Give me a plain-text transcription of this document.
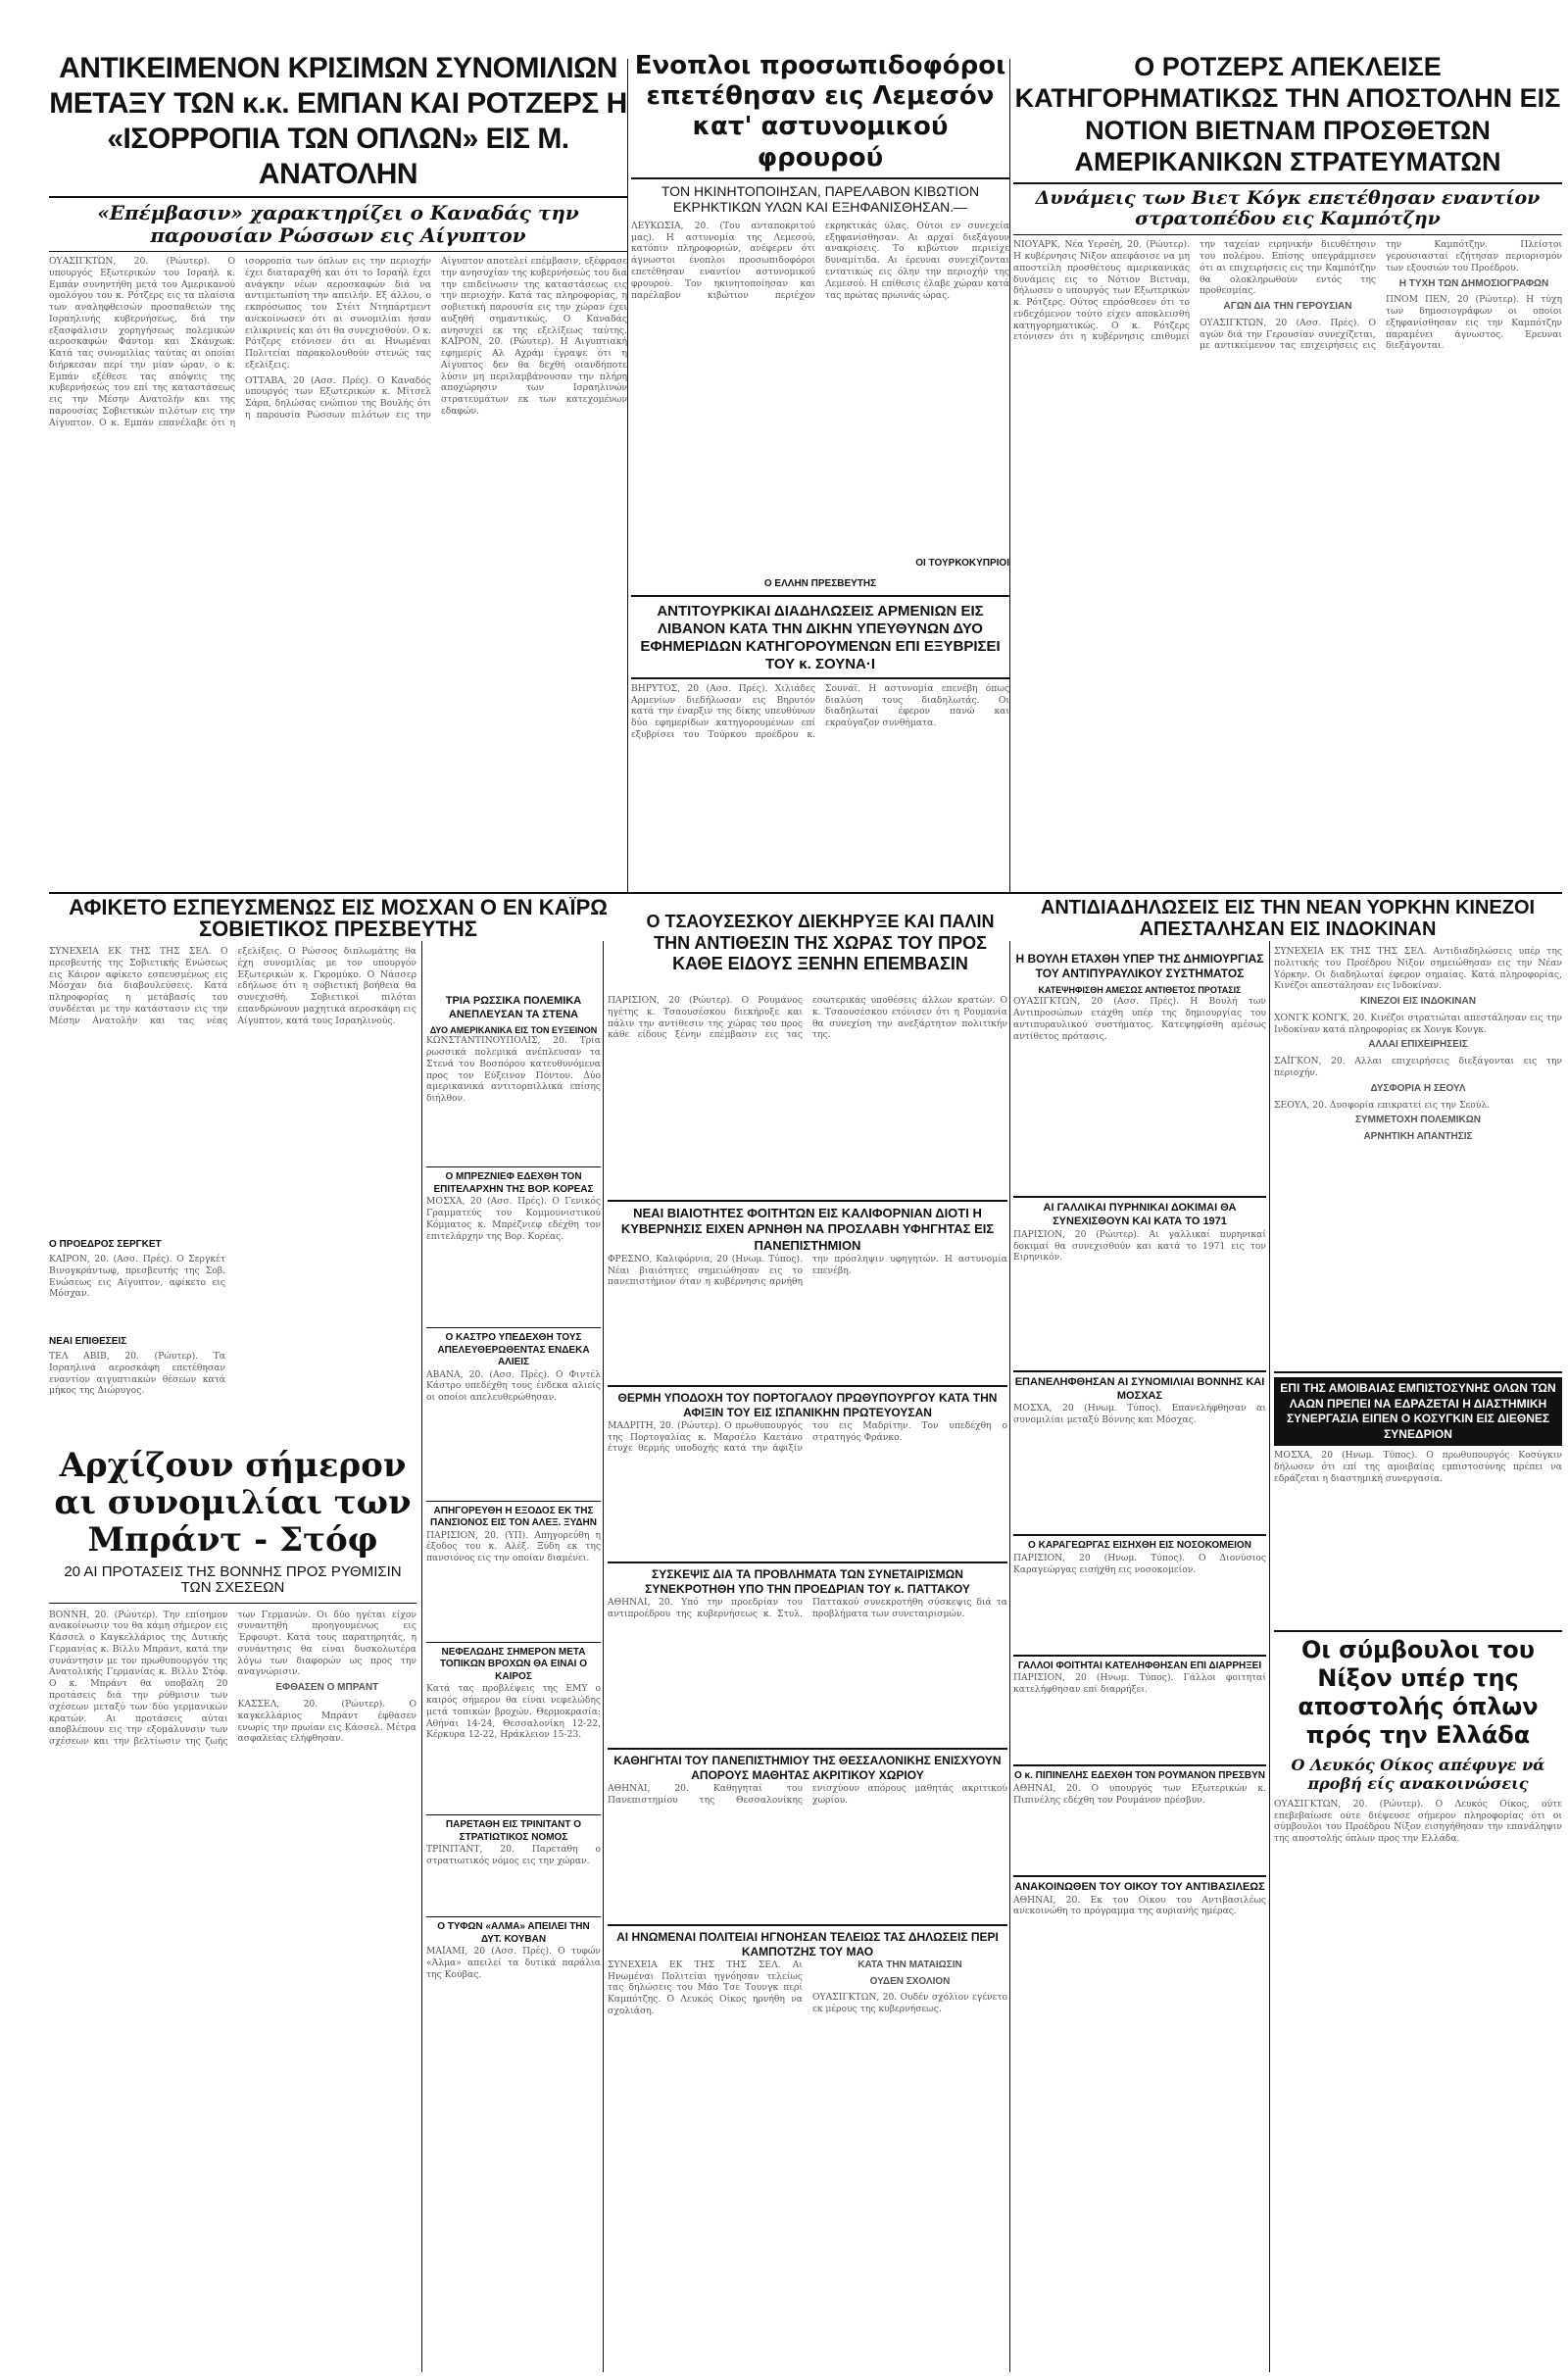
ΑΝΤΙΚΕΙΜΕΝΟΝ ΚΡΙΣΙΜΩΝ ΣΥΝΟΜΙΛΙΩΝ ΜΕΤΑΞΥ ΤΩΝ κ.κ. ΕΜΠΑΝ ΚΑΙ ΡΟΤΖΕΡΣ Η «ΙΣΟΡΡΟΠΙΑ ΤΩΝ ΟΠΛΩΝ» ΕΙΣ Μ. ΑΝΑΤΟΛΗΝ
«Επέμβασιν» χαρακτηρίζει ο Καναδάς την παρουσίαν Ρώσσων εις Αίγυπτον

ΟΥΑΣΙΓΚΤΩΝ, 20. (Ρώυτερ). Ο υπουργός Εξωτερικών του Ισραήλ κ. Εμπάν συνηντήθη μετά του Αμερικανού ομολόγου του κ. Ρότζερς εις τα πλαίσια των αναληφθεισών προσπαθειών της Ισραηλινής κυβερνήσεως, διά την εξασφάλισιν χορηγήσεως πολεμικών αεροσκαφών Φάντομ και Σκάυχωκ. Κατά τας συνομιλίας ταύτας αι οποίαι διήρκεσαν περί την μίαν ώραν, ο κ. Εμπάν εξέθεσε τας απόψεις της κυβερνήσεώς του επί της καταστάσεως εις την Μέσην Ανατολήν και της παρουσίας Σοβιετικών πιλότων εις την Αίγυπτον. Ο κ. Εμπάν επανέλαβε ότι η ισορροπία των όπλων εις την περιοχήν έχει διαταραχθή και ότι το Ισραήλ έχει ανάγκην νέων αεροσκαφών διά να αντιμετωπίση την απειλήν. Εξ άλλου, ο εκπρόσωπος του Στέιτ Ντηπάρτμεντ ανεκοίνωσεν ότι αι συνομιλίαι ήσαν ειλικρινείς και ότι θα συνεχισθούν. Ο κ. Ρότζερς ετόνισεν ότι αι Ηνωμέναι Πολιτείαι παρακολουθούν στενώς τας εξελίξεις.

ΟΤΤΑΒΑ, 20 (Ασσ. Πρές). Ο Καναδός υπουργός των Εξωτερικών κ. Μίτσελ Σάρπ, δηλώσας ενώπιον της Βουλής ότι η παρουσία Ρώσσων πιλότων εις την Αίγυπτον αποτελεί επέμβασιν, εξέφρασε την ανησυχίαν της κυβερνήσεώς του διά την επιδείνωσιν της καταστάσεως εις την περιοχήν. Κατά τας πληροφορίας, η σοβιετική παρουσία εις την χώραν έχει αυξηθή σημαντικώς. Ο Καναδάς ανησυχεί εκ της εξελίξεως ταύτης. ΚΑΪΡΟΝ, 20. (Ρώυτερ). Η Αιγυπτιακή εφημερίς Αλ Αχράμ έγραψε ότι η Αίγυπτος δεν θα δεχθή οιανδήποτε λύσιν μη περιλαμβάνουσαν την πλήρη αποχώρησιν των Ισραηλινών στρατευμάτων εκ των κατεχομένων εδαφών.

Ενοπλοι προσωπιδοφόροι επετέθησαν εις Λεμεσόν κατ' αστυνομικού φρουρού
ΤΟΝ ΗΚΙΝΗΤΟΠΟΙΗΣΑΝ, ΠΑΡΕΛΑΒΟΝ ΚΙΒΩΤΙΟΝ ΕΚΡΗΚΤΙΚΩΝ ΥΛΩΝ ΚΑΙ ΕΞΗΦΑΝΙΣΘΗΣΑΝ.—

ΛΕΥΚΩΣΙΑ, 20. (Του ανταποκριτού μας). Η αστυνομία της Λεμεσού, κατόπιν πληροφοριών, ανέφερεν ότι άγνωστοι ένοπλοι προσωπιδοφόροι επετέθησαν εναντίον αστυνομικού φρουρού. Τον ηκινητοποίησαν και παρέλαβον κιβώτιον περιέχον εκρηκτικάς ύλας. Ούτοι εν συνεχεία εξηφανίσθησαν. Αι αρχαί διεξάγουν ανακρίσεις. Το κιβώτιον περιείχε δυναμίτιδα. Αι έρευναι συνεχίζονται εντατικώς εις όλην την περιοχήν της Λεμεσού. Η επίθεσις έλαβε χώραν κατά τας πρώτας πρωινάς ώρας.

ΟΙ ΤΟΥΡΚΟΚΥΠΡΙΟΙ
Ο ΕΛΛΗΝ ΠΡΕΣΒΕΥΤΗΣ
ΑΝΤΙΤΟΥΡΚΙΚΑΙ ΔΙΑΔΗΛΩΣΕΙΣ ΑΡΜΕΝΙΩΝ ΕΙΣ ΛΙΒΑΝΟΝ ΚΑΤΑ ΤΗΝ ΔΙΚΗΝ ΥΠΕΥΘΥΝΩΝ ΔΥΟ ΕΦΗΜΕΡΙΔΩΝ ΚΑΤΗΓΟΡΟΥΜΕΝΩΝ ΕΠΙ ΕΞΥΒΡΙΣΕΙ ΤΟΥ κ. ΣΟΥΝΑ·Ι

ΒΗΡΥΤΟΣ, 20 (Ασσ. Πρές). Χιλιάδες Αρμενίων διεδήλωσαν εις Βηρυτόν κατά την έναρξιν της δίκης υπευθύνων δύο εφημερίδων κατηγορουμένων επί εξυβρίσει του Τούρκου προέδρου κ. Σουνάϊ. Η αστυνομία επενέβη όπως διαλύση τους διαδηλωτάς. Οι διαδηλωταί έφερον πανώ και εκραύγαζον συνθήματα.

Ο ΡΟΤΖΕΡΣ ΑΠΕΚΛΕΙΣΕ ΚΑΤΗΓΟΡΗΜΑΤΙΚΩΣ ΤΗΝ ΑΠΟΣΤΟΛΗΝ ΕΙΣ ΝΟΤΙΟΝ ΒΙΕΤΝΑΜ ΠΡΟΣΘΕΤΩΝ ΑΜΕΡΙΚΑΝΙΚΩΝ ΣΤΡΑΤΕΥΜΑΤΩΝ
Δυνάμεις των Βιετ Κόγκ επετέθησαν εναντίον στρατοπέδου εις Καμπότζην

ΝΙΟΥΑΡΚ, Νέα Υερσέη, 20. (Ρώυτερ). Η κυβέρνησις Νίξον απεφάσισε να μη αποστείλη προσθέτους αμερικανικάς δυνάμεις εις το Νότιον Βιετνάμ, δήλωσεν ο υπουργός των Εξωτερικών κ. Ρότζερς. Ούτος επρόσθεσεν ότι το ενδεχόμενον τούτο είχεν αποκλεισθή κατηγορηματικώς. Ο κ. Ρότζερς ετόνισεν ότι η κυβέρνησις επιθυμεί την ταχείαν ειρηνικήν διευθέτησιν του πολέμου. Επίσης υπεγράμμισεν ότι αι επιχειρήσεις εις την Καμπότζην θα ολοκληρωθούν εντός της προθεσμίας.

ΑΓΩΝ ΔΙΑ ΤΗΝ ΓΕΡΟΥΣΙΑΝ

ΟΥΑΣΙΓΚΤΩΝ, 20 (Ασσ. Πρές). Ο αγών διά την Γερουσίαν συνεχίζεται, με αντικείμενον τας επιχειρήσεις εις την Καμπότζην. Πλείστοι γερουσιασταί εζήτησαν περιορισμόν των εξουσιών του Προέδρου.

Η ΤΥΧΗ ΤΩΝ ΔΗΜΟΣΙΟΓΡΑΦΩΝ

ΠΝΟΜ ΠΕΝ, 20 (Ρώυτερ). Η τύχη των δημοσιογράφων οι οποίοι εξηφανίσθησαν εις την Καμπότζην παραμένει άγνωστος. Ερευναι διεξάγονται.

ΑΦΙΚΕΤΟ ΕΣΠΕΥΣΜΕΝΩΣ ΕΙΣ ΜΟΣΧΑΝ Ο ΕΝ ΚΑΪΡΩ ΣΟΒΙΕΤΙΚΟΣ ΠΡΕΣΒΕΥΤΗΣ
ΑΝΤΙΔΙΑΔΗΛΩΣΕΙΣ ΕΙΣ ΤΗΝ ΝΕΑΝ ΥΟΡΚΗΝ ΚΙΝΕΖΟΙ ΑΠΕΣΤΑΛΗΣΑΝ ΕΙΣ ΙΝΔΟΚΙΝΑΝ
Ο ΤΣΑΟΥΣΕΣΚΟΥ ΔΙΕΚΗΡΥΞΕ ΚΑΙ ΠΑΛΙΝ ΤΗΝ ΑΝΤΙΘΕΣΙΝ ΤΗΣ ΧΩΡΑΣ ΤΟΥ ΠΡΟΣ ΚΑΘΕ ΕΙΔΟΥΣ ΞΕΝΗΝ ΕΠΕΜΒΑΣΙΝ

ΣΥΝΕΧΕΙΑ ΕΚ ΤΗΣ ΤΗΣ ΣΕΛ. Ο πρεσβευτής της Σοβιετικής Ενώσεως εις Κάιρον αφίκετο εσπευσμένως εις Μόσχαν διά διαβουλεύσεις. Κατά πληροφορίας η μετάβασίς του συνδέεται με την κατάστασιν εις την Μέσην Ανατολήν και τας νέας εξελίξεις. Ο Ρώσσος διπλωμάτης θα έχη συνομιλίας με τον υπουργόν Εξωτερικών κ. Γκρομύκο. Ο Νάσσερ εδήλωσε ότι η σοβιετική βοήθεια θα συνεχισθή. Σοβιετικοί πιλόται επανδρώνουν μαχητικά αεροσκάφη εις Αίγυπτον, κατά τους Ισραηλινούς.

Ο ΠΡΟΕΔΡΟΣ ΣΕΡΓΚΕΤ

ΚΑΪΡΟΝ, 20. (Ασσ. Πρές). Ο Σεργκέτ Βινογκράντωφ, πρεσβευτής της Σοβ. Ενώσεως εις Αίγυπτον, αφίκετο εις Μόσχαν.

ΝΕΑΙ ΕΠΙΘΕΣΕΙΣ

ΤΕΛ ΑΒΙΒ, 20. (Ρώυτερ). Τα Ισραηλινά αεροσκάφη επετέθησαν εναντίον αιγυπτιακών θέσεων κατά μήκος της Διώρυγος.

Αρχίζουν σήμερον αι συνομιλίαι των Μπράντ - Στόφ
20 ΑΙ ΠΡΟΤΑΣΕΙΣ ΤΗΣ ΒΟΝΝΗΣ ΠΡΟΣ ΡΥΘΜΙΣΙΝ ΤΩΝ ΣΧΕΣΕΩΝ

ΒΟΝΝΗ, 20. (Ρώυτερ). Την επίσημον ανακοίνωσιν του θα κάμη σήμερον εις Κάσσελ ο Καγκελλάριος της Δυτικής Γερμανίας κ. Βίλλυ Μπράντ, κατά την συνάντησιν με τον πρωθυπουργόν της Ανατολικής Γερμανίας κ. Βίλλυ Στόφ. Ο κ. Μπράντ θα υποβάλη 20 προτάσεις διά την ρύθμισιν των σχέσεων μεταξύ των δύο γερμανικών κρατών. Αι προτάσεις αύται αποβλέπουν εις την εξομάλυνσιν των σχέσεων και την βελτίωσιν της ζωής των Γερμανών. Οι δύο ηγέται είχον συναντηθή προηγουμένως εις Έρφουρτ. Κατά τους παρατηρητάς, η συνάντησις θα είναι δυσκολωτέρα λόγω των διαφορών ως προς την αναγνώρισιν.

ΕΦΘΑΣΕΝ Ο ΜΠΡΑΝΤ

ΚΑΣΣΕΛ, 20. (Ρώυτερ). Ο καγκελλάριος Μπράντ έφθασεν ενωρίς την πρωίαν εις Κάσσελ. Μέτρα ασφαλείας ελήφθησαν.

ΤΡΙΑ ΡΩΣΣΙΚΑ ΠΟΛΕΜΙΚΑ ΑΝΕΠΛΕΥΣΑΝ ΤΑ ΣΤΕΝΑ
ΔΥΟ ΑΜΕΡΙΚΑΝΙΚΑ ΕΙΣ ΤΟΝ ΕΥΞΕΙΝΟΝ

ΚΩΝΣΤΑΝΤΙΝΟΥΠΟΛΙΣ, 20. Τρία ρωσσικά πολεμικά ανέπλευσαν τα Στενά του Βοσπόρου κατευθυνόμενα προς τον Εύξεινον Πόντον. Δύο αμερικανικά αντιτορπιλλικά επίσης διήλθον.

Ο ΜΠΡΕΖΝΙΕΦ ΕΔΕΧΘΗ ΤΟΝ ΕΠΙΤΕΛΑΡΧΗΝ ΤΗΣ ΒΟΡ. ΚΟΡΕΑΣ

ΜΟΣΧΑ, 20 (Ασσ. Πρές). Ο Γενικός Γραμματεύς του Κομμουνιστικού Κόμματος κ. Μπρέζνιεφ εδέχθη τον επιτελάρχην της Βορ. Κορέας.

Ο ΚΑΣΤΡΟ ΥΠΕΔΕΧΘΗ ΤΟΥΣ ΑΠΕΛΕΥΘΕΡΩΘΕΝΤΑΣ ΕΝΔΕΚΑ ΑΛΙΕΙΣ

ΑΒΑΝΑ, 20. (Ασσ. Πρές). Ο Φιντέλ Κάστρο υπεδέχθη τους ένδεκα αλιείς οι οποίοι απελευθερώθησαν.

ΑΠΗΓΟΡΕΥΘΗ Η ΕΞΟΔΟΣ ΕΚ ΤΗΣ ΠΑΝΣΙΟΝΟΣ ΕΙΣ ΤΟΝ ΑΛΕΞ. ΞΥΔΗΝ

ΠΑΡΙΣΙΟΝ, 20. (ΥΠ). Απηγορεύθη η έξοδος του κ. Αλέξ. Ξύδη εκ της πανσιόνος εις την οποίαν διαμένει.

ΝΕΦΕΛΩΔΗΣ ΣΗΜΕΡΟΝ ΜΕΤΑ ΤΟΠΙΚΩΝ ΒΡΟΧΩΝ ΘΑ ΕΙΝΑΙ Ο ΚΑΙΡΟΣ

Κατά τας προβλέψεις της ΕΜΥ ο καιρός σήμερον θα είναι νεφελώδης μετά τοπικών βροχών. Θερμοκρασία: Αθήναι 14-24, Θεσσαλονίκη 12-22, Κέρκυρα 12-22, Ηράκλειον 15-23.

ΠΑΡΕΤΑΘΗ ΕΙΣ ΤΡΙΝΙΤΑΝΤ Ο ΣΤΡΑΤΙΩΤΙΚΟΣ ΝΟΜΟΣ

ΤΡΙΝΙΤΑΝΤ, 20. Παρετάθη ο στρατιωτικός νόμος εις την χώραν.

Ο ΤΥΦΩΝ «ΑΛΜΑ» ΑΠΕΙΛΕΙ ΤΗΝ ΔΥΤ. ΚΟΥΒΑΝ

ΜΑΪΑΜΙ, 20 (Ασσ. Πρές). Ο τυφών «Άλμα» απειλεί τα δυτικά παράλια της Κούβας.

ΠΑΡΙΣΙΟΝ, 20 (Ρώυτερ). Ο Ρουμάνος ηγέτης κ. Τσαουσέσκου διεκήρυξε και πάλιν την αντίθεσιν της χώρας του προς κάθε είδους ξένην επέμβασιν εις τας εσωτερικάς υποθέσεις άλλων κρατών. Ο κ. Τσαουσέσκου ετόνισεν ότι η Ρουμανία θα συνεχίση την ανεξάρτητον πολιτικήν της.

ΝΕΑΙ ΒΙΑΙΟΤΗΤΕΣ ΦΟΙΤΗΤΩΝ ΕΙΣ ΚΑΛΙΦΟΡΝΙΑΝ ΔΙΟΤΙ Η ΚΥΒΕΡΝΗΣΙΣ ΕΙΧΕΝ ΑΡΝΗΘΗ ΝΑ ΠΡΟΣΛΑΒΗ ΥΦΗΓΗΤΑΣ ΕΙΣ ΠΑΝΕΠΙΣΤΗΜΙΟΝ

ΦΡΕΣΝΟ, Καλιφόρνια, 20 (Ηνωμ. Τύπος). Νέαι βιαιότητες σημειώθησαν εις το πανεπιστήμιον όταν η κυβέρνησις αρνήθη την πρόσληψιν υφηγητών. Η αστυνομία επενέβη.

ΘΕΡΜΗ ΥΠΟΔΟΧΗ ΤΟΥ ΠΟΡΤΟΓΑΛΟΥ ΠΡΩΘΥΠΟΥΡΓΟΥ ΚΑΤΑ ΤΗΝ ΑΦΙΞΙΝ ΤΟΥ ΕΙΣ ΙΣΠΑΝΙΚΗΝ ΠΡΩΤΕΥΟΥΣΑΝ

ΜΑΔΡΙΤΗ, 20. (Ρώυτερ). Ο πρωθυπουργός της Πορτογαλίας κ. Μαρσέλο Καετάνο έτυχε θερμής υποδοχής κατά την άφιξίν του εις Μαδρίτην. Τον υπεδέχθη ο στρατηγός Φράνκο.

ΣΥΣΚΕΨΙΣ ΔΙΑ ΤΑ ΠΡΟΒΛΗΜΑΤΑ ΤΩΝ ΣΥΝΕΤΑΙΡΙΣΜΩΝ ΣΥΝΕΚΡΟΤΗΘΗ ΥΠΟ ΤΗΝ ΠΡΟΕΔΡΙΑΝ ΤΟΥ κ. ΠΑΤΤΑΚΟΥ

ΑΘΗΝΑΙ, 20. Υπό την προεδρίαν του αντιπροέδρου της κυβερνήσεως κ. Στυλ. Παττακού συνεκροτήθη σύσκεψις διά τα προβλήματα των συνεταιρισμών.

ΚΑΘΗΓΗΤΑΙ ΤΟΥ ΠΑΝΕΠΙΣΤΗΜΙΟΥ ΤΗΣ ΘΕΣΣΑΛΟΝΙΚΗΣ ΕΝΙΣΧΥΟΥΝ ΑΠΟΡΟΥΣ ΜΑΘΗΤΑΣ ΑΚΡΙΤΙΚΟΥ ΧΩΡΙΟΥ

ΑΘΗΝΑΙ, 20. Καθηγηταί του Πανεπιστημίου της Θεσσαλονίκης ενισχύουν απόρους μαθητάς ακριτικού χωρίου.

ΑΙ ΗΝΩΜΕΝΑΙ ΠΟΛΙΤΕΙΑΙ ΗΓΝΟΗΣΑΝ ΤΕΛΕΙΩΣ ΤΑΣ ΔΗΛΩΣΕΙΣ ΠΕΡΙ ΚΑΜΠΟΤΖΗΣ ΤΟΥ ΜΑΟ

ΣΥΝΕΧΕΙΑ ΕΚ ΤΗΣ ΤΗΣ ΣΕΛ. Αι Ηνωμέναι Πολιτείαι ηγνόησαν τελείως τας δηλώσεις του Μάο Τσε Τουνγκ περί Καμπότζης. Ο Λευκός Οίκος ηρνήθη να σχολιάση.

ΚΑΤΑ ΤΗΝ ΜΑΤΑΙΩΣΙΝ
ΟΥΔΕΝ ΣΧΟΛΙΟΝ

ΟΥΑΣΙΓΚΤΩΝ, 20. Ουδέν σχόλιον εγένετο εκ μέρους της κυβερνήσεως.

Η ΒΟΥΛΗ ΕΤΑΧΘΗ ΥΠΕΡ ΤΗΣ ΔΗΜΙΟΥΡΓΙΑΣ ΤΟΥ ΑΝΤΙΠΥΡΑΥΛΙΚΟΥ ΣΥΣΤΗΜΑΤΟΣ
ΚΑΤΕΨΗΦΙΣΘΗ ΑΜΕΣΩΣ ΑΝΤΙΘΕΤΟΣ ΠΡΟΤΑΣΙΣ

ΟΥΑΣΙΓΚΤΩΝ, 20 (Ασσ. Πρές). Η Βουλή των Αντιπροσώπων ετάχθη υπέρ της δημιουργίας του αντιπυραυλικού συστήματος. Κατεψηφίσθη αμέσως αντίθετος πρότασις.

ΑΙ ΓΑΛΛΙΚΑΙ ΠΥΡΗΝΙΚΑΙ ΔΟΚΙΜΑΙ ΘΑ ΣΥΝΕΧΙΣΘΟΥΝ ΚΑΙ ΚΑΤΑ ΤΟ 1971

ΠΑΡΙΣΙΟΝ, 20 (Ρώυτερ). Αι γαλλικαί πυρηνικαί δοκιμαί θα συνεχισθούν και κατά το 1971 εις τον Ειρηνικόν.

ΕΠΑΝΕΛΗΦΘΗΣΑΝ ΑΙ ΣΥΝΟΜΙΛΙΑΙ ΒΟΝΝΗΣ ΚΑΙ ΜΟΣΧΑΣ

ΜΟΣΧΑ, 20 (Ηνωμ. Τύπος). Επανελήφθησαν αι συνομιλίαι μεταξύ Βόννης και Μόσχας.

Ο ΚΑΡΑΓΕΩΡΓΑΣ ΕΙΣΗΧΘΗ ΕΙΣ ΝΟΣΟΚΟΜΕΙΟΝ

ΠΑΡΙΣΙΟΝ, 20 (Ηνωμ. Τύπος). Ο Διονύσιος Καραγεώργας εισήχθη εις νοσοκομείον.

ΓΑΛΛΟΙ ΦΟΙΤΗΤΑΙ ΚΑΤΕΛΗΦΘΗΣΑΝ ΕΠΙ ΔΙΑΡΡΗΞΕΙ

ΠΑΡΙΣΙΟΝ, 20 (Ηνωμ. Τύπος). Γάλλοι φοιτηταί κατελήφθησαν επί διαρρήξει.

Ο κ. ΠΙΠΙΝΕΛΗΣ ΕΔΕΧΘΗ ΤΟΝ ΡΟΥΜΑΝΟΝ ΠΡΕΣΒΥΝ

ΑΘΗΝΑΙ, 20. Ο υπουργός των Εξωτερικών κ. Πιπινέλης εδέχθη τον Ρουμάνον πρέσβυν.

ΑΝΑΚΟΙΝΩΘΕΝ ΤΟΥ ΟΙΚΟΥ ΤΟΥ ΑΝΤΙΒΑΣΙΛΕΩΣ

ΑΘΗΝΑΙ, 20. Εκ του Οίκου του Αντιβασιλέως ανεκοινώθη το πρόγραμμα της αυριανής ημέρας.

ΣΥΝΕΧΕΙΑ ΕΚ ΤΗΣ ΤΗΣ ΣΕΛ. Αντιδιαδηλώσεις υπέρ της πολιτικής του Προέδρου Νίξον σημειώθησαν εις την Νέαν Υόρκην. Οι διαδηλωταί έφερον σημαίας. Κατά πληροφορίας, Κινέζοι απεστάλησαν εις Ινδοκίναν.

ΚΙΝΕΖΟΙ ΕΙΣ ΙΝΔΟΚΙΝΑΝ

ΧΟΝΓΚ ΚΟΝΓΚ, 20. Κινέζοι στρατιώται απεστάλησαν εις την Ινδοκίναν κατά πληροφορίας εκ Χονγκ Κονγκ.

ΑΛΛΑΙ ΕΠΙΧΕΙΡΗΣΕΙΣ

ΣΑΪΓΚΟΝ, 20. Αλλαι επιχειρήσεις διεξάγονται εις την περιοχήν.

ΔΥΣΦΟΡΙΑ Η ΣΕΟΥΛ

ΣΕΟΥΛ, 20. Δυσφορία επικρατεί εις την Σεούλ.

ΣΥΜΜΕΤΟΧΗ ΠΟΛΕΜΙΚΩΝ
ΑΡΝΗΤΙΚΗ ΑΠΑΝΤΗΣΙΣ
ΕΠΙ ΤΗΣ ΑΜΟΙΒΑΙΑΣ ΕΜΠΙΣΤΟΣΥΝΗΣ ΟΛΩΝ ΤΩΝ ΛΑΩΝ ΠΡΕΠΕΙ ΝΑ ΕΔΡΑΖΕΤΑΙ Η ΔΙΑΣΤΗΜΙΚΗ ΣΥΝΕΡΓΑΣΙΑ ΕΙΠΕΝ Ο ΚΟΣΥΓΚΙΝ ΕΙΣ ΔΙΕΘΝΕΣ ΣΥΝΕΔΡΙΟΝ

ΜΟΣΧΑ, 20 (Ηνωμ. Τύπος). Ο πρωθυπουργός Κοσύγκιν δήλωσεν ότι επί της αμοιβαίας εμπιστοσύνης πρέπει να εδράζεται η διαστημική συνεργασία.

Οι σύμβουλοι του Νίξον υπέρ της αποστολής όπλων πρός την Ελλάδα
Ο Λευκός Οίκος απέφυγε νά προβή είς ανακοινώσεις

ΟΥΑΣΙΓΚΤΩΝ, 20. (Ρώυτερ). Ο Λευκός Οίκος, ούτε επεβεβαίωσε ούτε διέψευσε σήμερον πληροφορίας ότι οι σύμβουλοι του Προέδρου Νίξον εισηγήθησαν την επανάληψιν της αποστολής όπλων προς την Ελλάδα.
